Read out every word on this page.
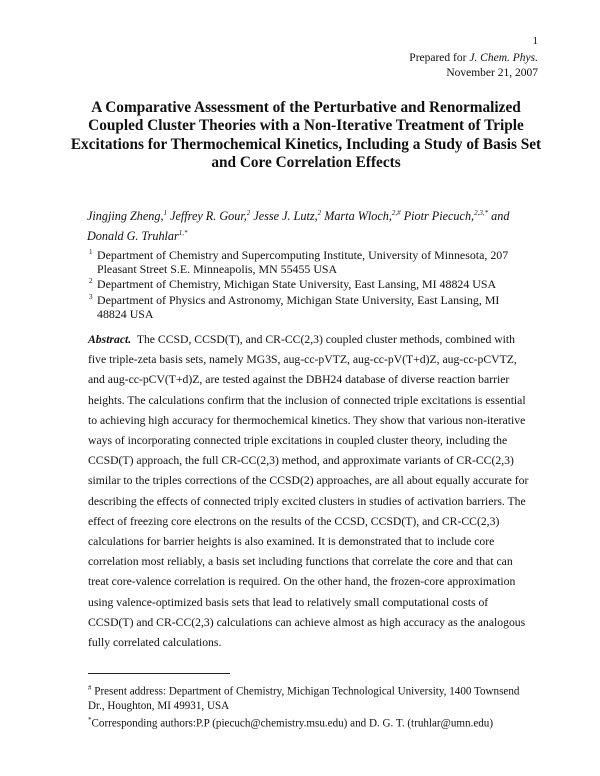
1
Prepared for J. Chem. Phys.
November 21, 2007
A Comparative Assessment of the Perturbative and Renormalized Coupled Cluster Theories with a Non-Iterative Treatment of Triple Excitations for Thermochemical Kinetics, Including a Study of Basis Set and Core Correlation Effects
Jingjing Zheng,$^1$ Jeffrey R. Gour,$^2$ Jesse J. Lutz,$^2$ Marta Wloch,$^{2,\#}$ Piotr Piecuch,$^{2,3,*}$ and Donald G. Truhlar$^{1,*}$
1 Department of Chemistry and Supercomputing Institute, University of Minnesota, 207 Pleasant Street S.E. Minneapolis, MN 55455 USA
2 Department of Chemistry, Michigan State University, East Lansing, MI 48824 USA
3 Department of Physics and Astronomy, Michigan State University, East Lansing, MI 48824 USA
Abstract. The CCSD, CCSD(T), and CR-CC(2,3) coupled cluster methods, combined with five triple-zeta basis sets, namely MG3S, aug-cc-pVTZ, aug-cc-pV(T+d)Z, aug-cc-pCVTZ, and aug-cc-pCV(T+d)Z, are tested against the DBH24 database of diverse reaction barrier heights. The calculations confirm that the inclusion of connected triple excitations is essential to achieving high accuracy for thermochemical kinetics. They show that various non-iterative ways of incorporating connected triple excitations in coupled cluster theory, including the CCSD(T) approach, the full CR-CC(2,3) method, and approximate variants of CR-CC(2,3) similar to the triples corrections of the CCSD(2) approaches, are all about equally accurate for describing the effects of connected triply excited clusters in studies of activation barriers. The effect of freezing core electrons on the results of the CCSD, CCSD(T), and CR-CC(2,3) calculations for barrier heights is also examined. It is demonstrated that to include core correlation most reliably, a basis set including functions that correlate the core and that can treat core-valence correlation is required. On the other hand, the frozen-core approximation using valence-optimized basis sets that lead to relatively small computational costs of CCSD(T) and CR-CC(2,3) calculations can achieve almost as high accuracy as the analogous fully correlated calculations.
# Present address: Department of Chemistry, Michigan Technological University, 1400 Townsend Dr., Houghton, MI 49931, USA
*Corresponding authors:P.P (piecuch@chemistry.msu.edu) and D. G. T. (truhlar@umn.edu)
